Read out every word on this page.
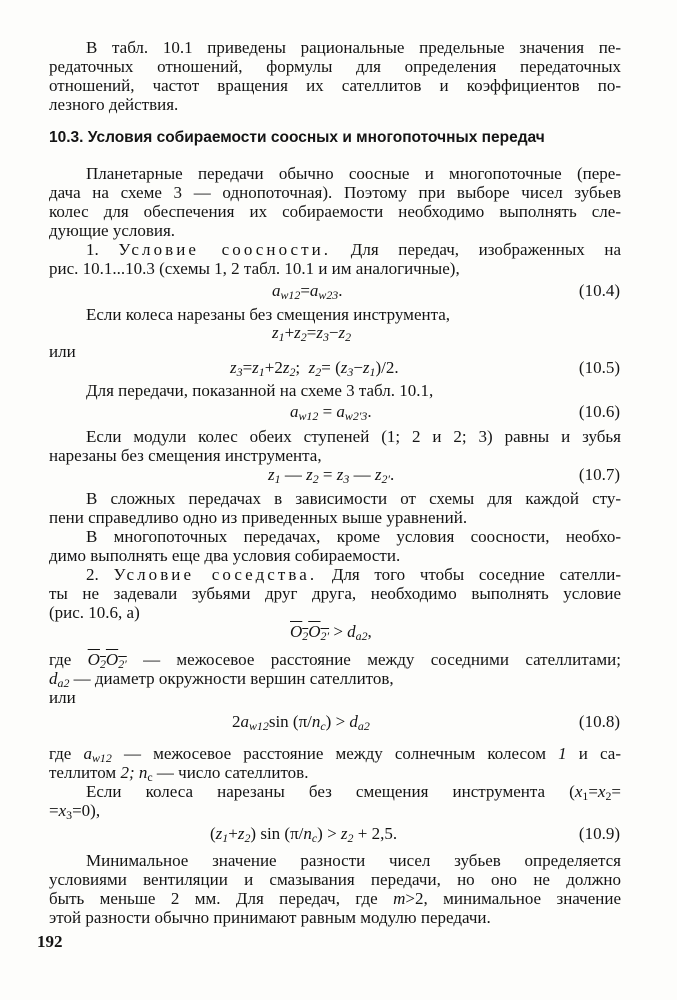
В табл. 10.1 приведены рациональные предельные значения пе-
редаточных отношений, формулы для определения передаточных
отношений, частот вращения их сателлитов и коэффициентов по-
лезного действия.
10.3. Условия собираемости соосных и многопоточных передач
Планетарные передачи обычно соосные и многопоточные (пере-
дача на схеме 3 — однопоточная). Поэтому при выборе чисел зубьев
колес для обеспечения их собираемости необходимо выполнять сле-
дующие условия.
1. Условие соосности. Для передач, изображенных на
рис. 10.1...10.3 (схемы 1, 2 табл. 10.1 и им аналогичные),
$a_{w12}=a_{w23}$.	(10.4)
Если колеса нарезаны без смещения инструмента,
$z_1+z_2=z_3-z_2$
или
$z_3=z_1+2z_2$;  $z_2= (z_3-z_1)/2$.	(10.5)
Для передачи, показанной на схеме 3 табл. 10.1,
$a_{w12} = a_{w2'3}$.	(10.6)
Если модули колес обеих ступеней (1; 2 и 2; 3) равны и зубья
нарезаны без смещения инструмента,
$z_1$ — $z_2 = z_3$ — $z_{2'}$.	(10.7)
В сложных передачах в зависимости от схемы для каждой сту-
пени справедливо одно из приведенных выше уравнений.
В многопоточных передачах, кроме условия соосности, необхо-
димо выполнять еще два условия собираемости.
2. Условие соседства. Для того чтобы соседние сателли-
ты не задевали зубьями друг друга, необходимо выполнять условие
(рис. 10.6, а)
$O_2O_{2'} > d_{a2}$,
где $O_2O_{2'}$ — межосевое расстояние между соседними сателлитами;
$d_{a2}$ — диаметр окружности вершин сателлитов,
или
$2a_{w12}\sin$ $(\pi/n_c) > d_{a2}$	(10.8)
где $a_{w12}$ — межосевое расстояние между солнечным колесом 1 и са-
теллитом 2; $n_c$ — число сателлитов.
Если колеса нарезаны без смещения инструмента ($x_1=x_2=$
$=x_3=0$),
$(z_1+z_2)$ $\sin (\pi/n_c) > z_2 + 2,5$.	(10.9)
Минимальное значение разности чисел зубьев определяется
условиями вентиляции и смазывания передачи, но оно не должно
быть меньше 2 мм. Для передач, где m>2, минимальное значение
этой разности обычно принимают равным модулю передачи.
192
